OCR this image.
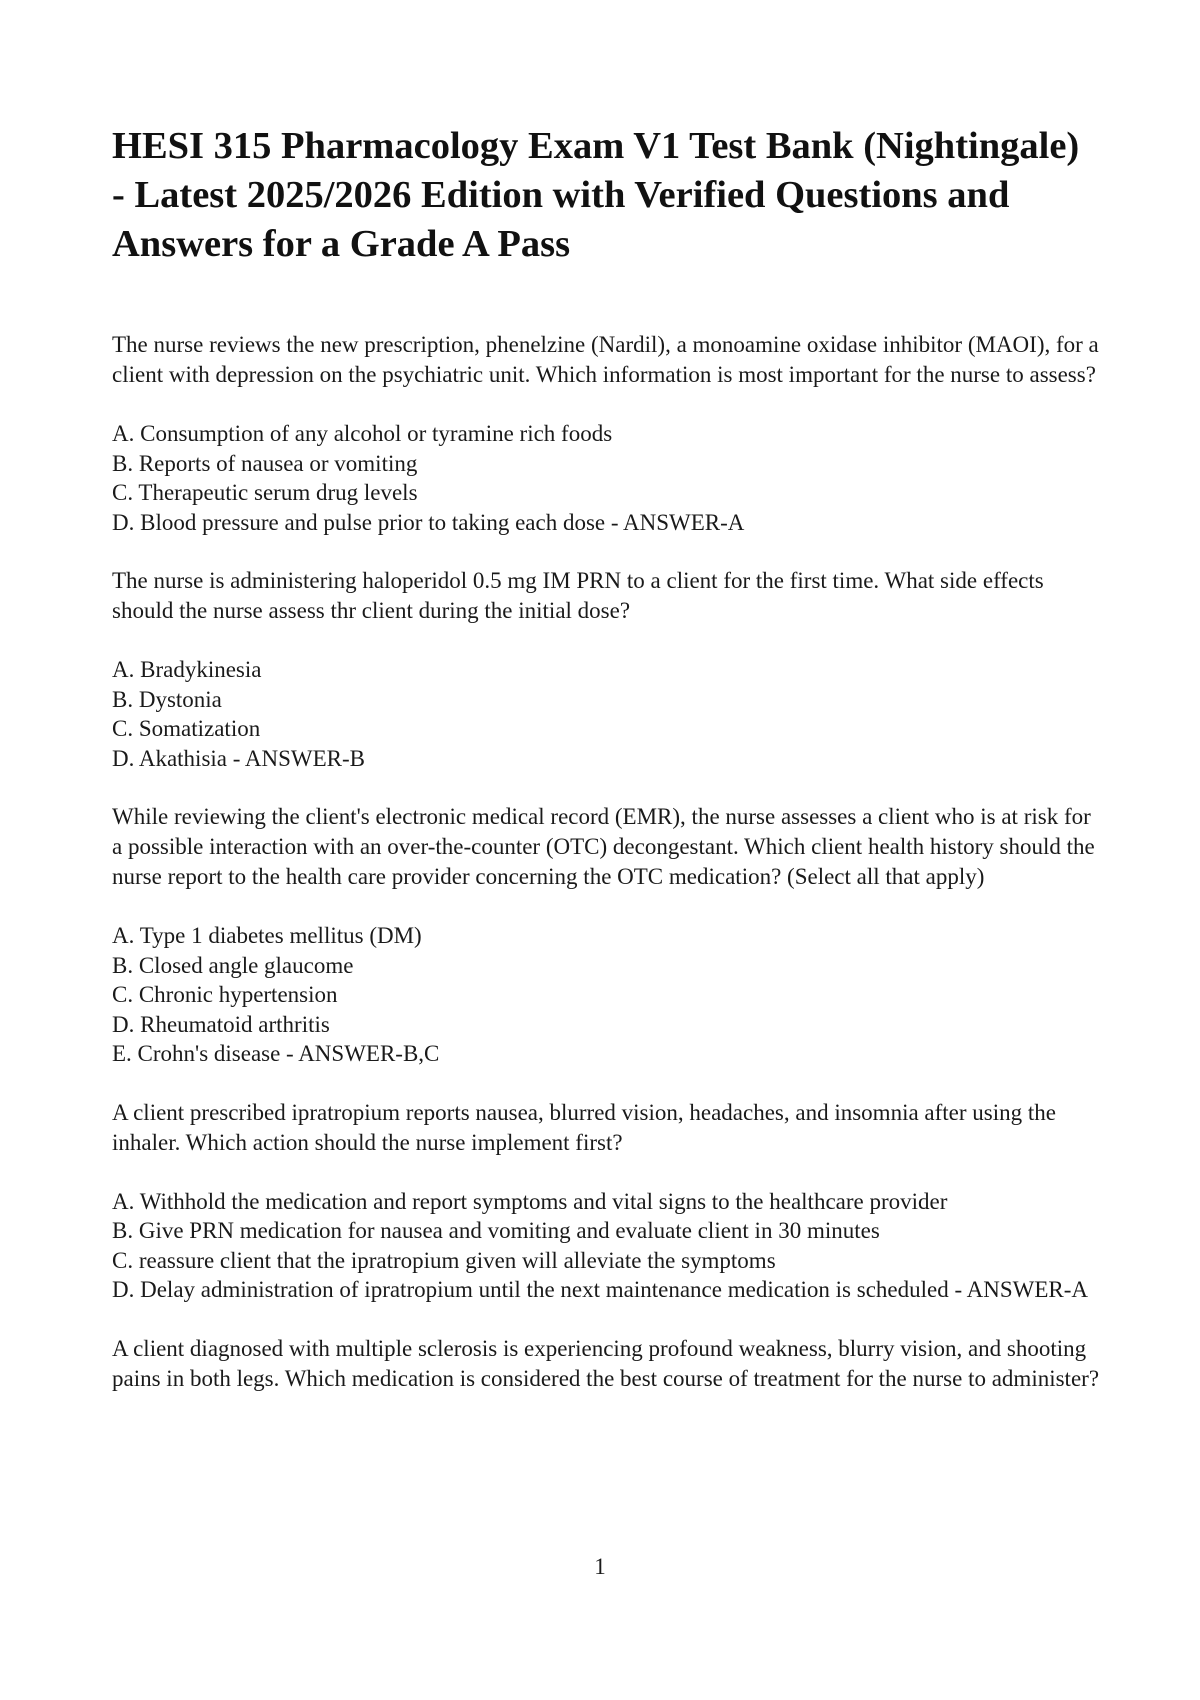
HESI 315 Pharmacology Exam V1 Test Bank (Nightingale) - Latest 2025/2026 Edition with Verified Questions and Answers for a Grade A Pass

The nurse reviews the new prescription, phenelzine (Nardil), a monoamine oxidase inhibitor (MAOI), for a client with depression on the psychiatric unit. Which information is most important for the nurse to assess?

A. Consumption of any alcohol or tyramine rich foods
B. Reports of nausea or vomiting
C. Therapeutic serum drug levels
D. Blood pressure and pulse prior to taking each dose - ANSWER-A

The nurse is administering haloperidol 0.5 mg IM PRN to a client for the first time. What side effects should the nurse assess thr client during the initial dose?

A. Bradykinesia
B. Dystonia
C. Somatization
D. Akathisia - ANSWER-B

While reviewing the client's electronic medical record (EMR), the nurse assesses a client who is at risk for a possible interaction with an over-the-counter (OTC) decongestant. Which client health history should the nurse report to the health care provider concerning the OTC medication? (Select all that apply)

A. Type 1 diabetes mellitus (DM)
B. Closed angle glaucome
C. Chronic hypertension
D. Rheumatoid arthritis
E. Crohn's disease - ANSWER-B,C

A client prescribed ipratropium reports nausea, blurred vision, headaches, and insomnia after using the inhaler. Which action should the nurse implement first?

A. Withhold the medication and report symptoms and vital signs to the healthcare provider
B. Give PRN medication for nausea and vomiting and evaluate client in 30 minutes
C. reassure client that the ipratropium given will alleviate the symptoms
D. Delay administration of ipratropium until the next maintenance medication is scheduled - ANSWER-A

A client diagnosed with multiple sclerosis is experiencing profound weakness, blurry vision, and shooting pains in both legs. Which medication is considered the best course of treatment for the nurse to administer?

1
